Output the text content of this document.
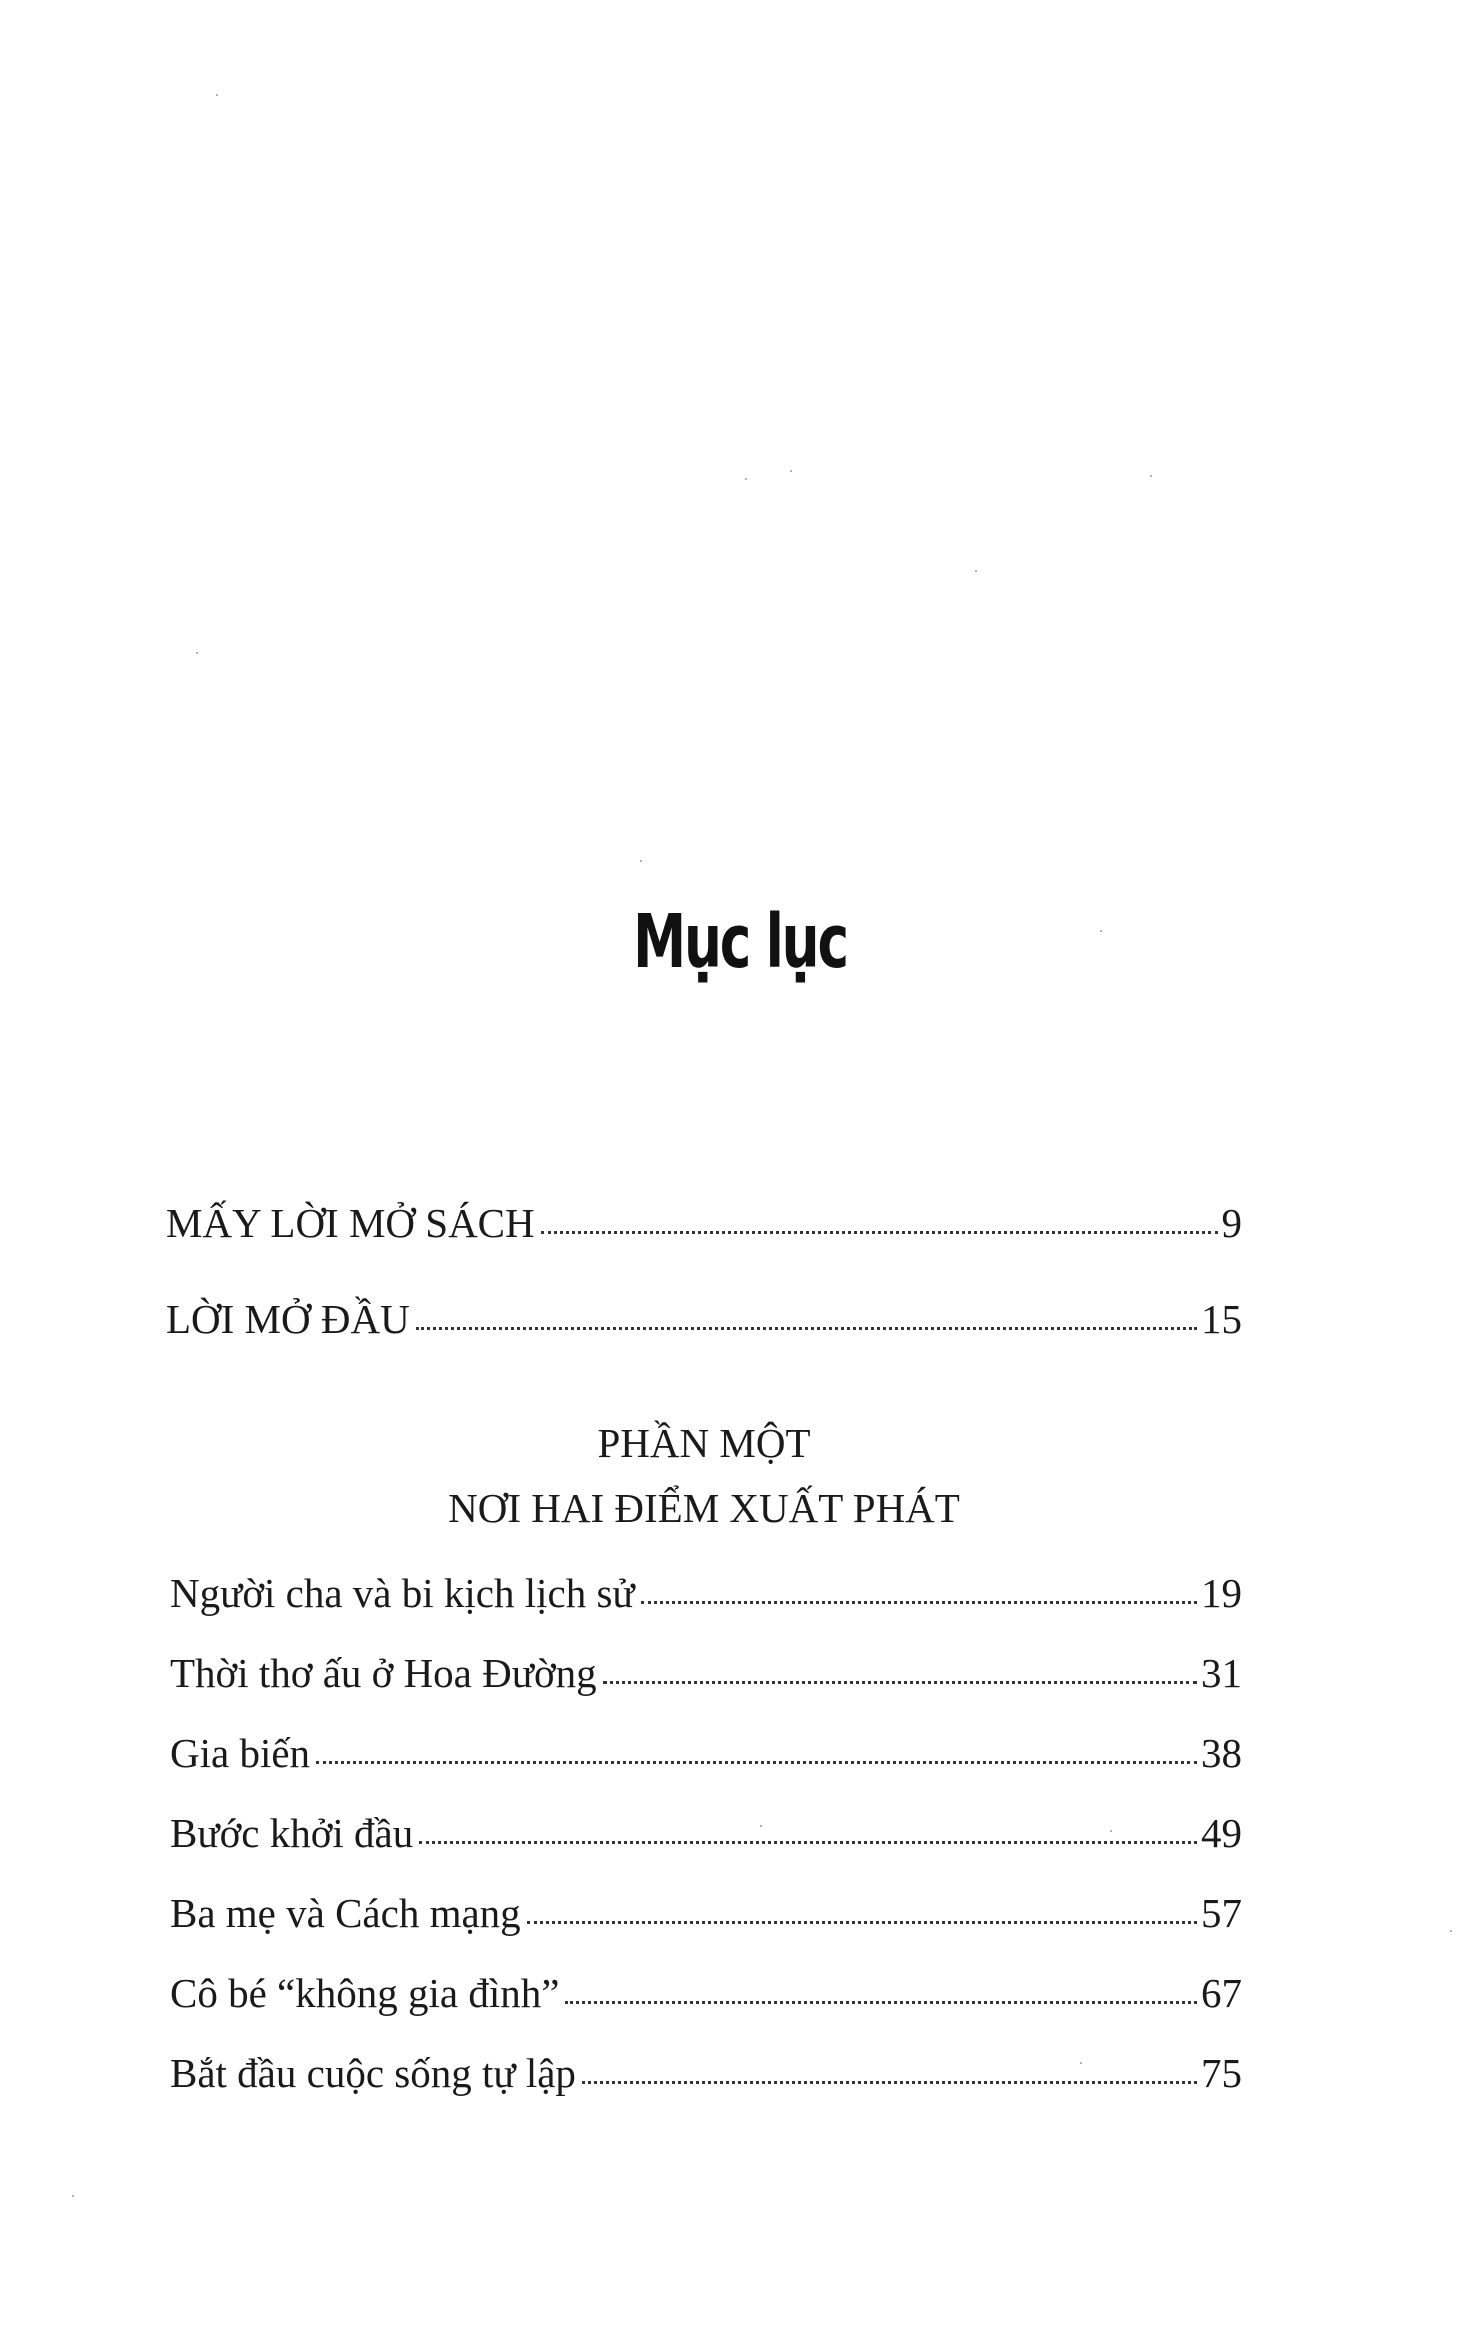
Mục lục
MẤY LỜI MỞ SÁCH	9
LỜI MỞ ĐẦU	15
PHẦN MỘT
NƠI HAI ĐIỂM XUẤT PHÁT
Người cha và bi kịch lịch sử	19
Thời thơ ấu ở Hoa Đường	31
Gia biến	38
Bước khởi đầu	49
Ba mẹ và Cách mạng	57
Cô bé “không gia đình”	67
Bắt đầu cuộc sống tự lập	75
